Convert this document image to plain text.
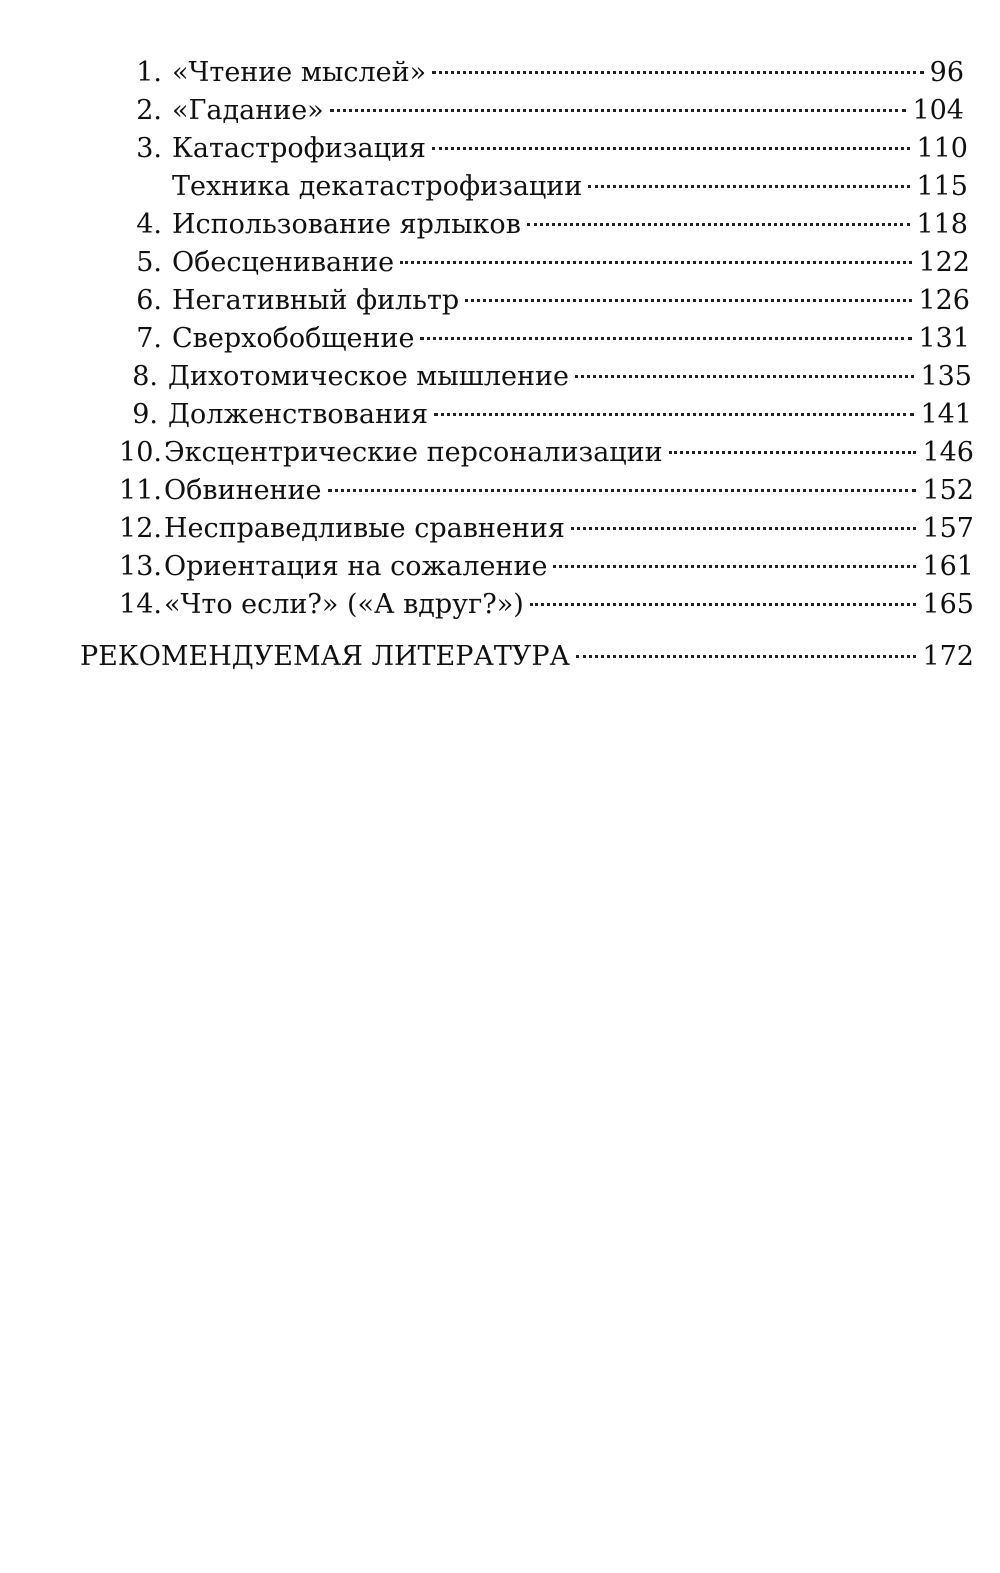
1. «Чтение мыслей»	96
2. «Гадание»	104
3. Катастрофизация	110
Техника декатастрофизации	115
4. Использование ярлыков	118
5. Обесценивание	122
6. Негативный фильтр	126
7. Сверхобобщение	131
8. Дихотомическое мышление	135
9. Долженствования	141
10. Эксцентрические персонализации	146
11. Обвинение	152
12. Несправедливые сравнения	157
13. Ориентация на сожаление	161
14. «Что если?» («А вдруг?»)	165
РЕКОМЕНДУЕМАЯ ЛИТЕРАТУРА	172
